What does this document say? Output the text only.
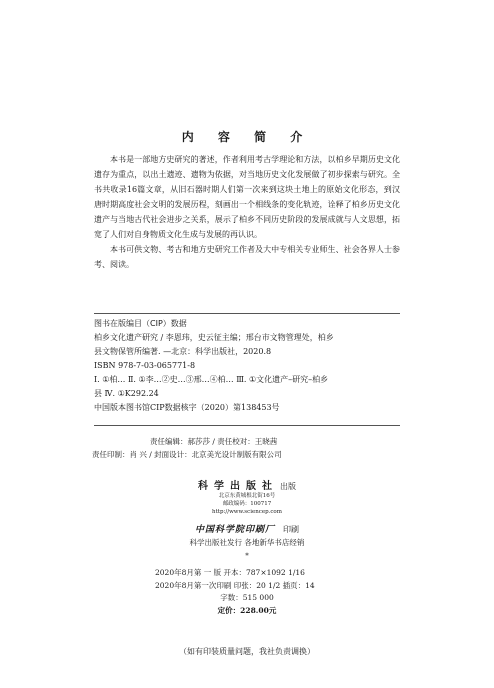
内 容 简 介

本书是一部地方史研究的著述，作者利用考古学理论和方法，以柏乡早期历史文化遗存为重点，以出土遗迹、遗物为依据，对当地历史文化发展做了初步探索与研究。全书共收录16篇文章，从旧石器时期人们第一次来到这块土地上的原始文化形态，到汉唐时期高度社会文明的发展历程，刻画出一个相线条的变化轨迹，诠释了柏乡历史文化遗产与当地古代社会进步之关系，展示了柏乡不同历史阶段的发展成就与人文思想，拓宽了人们对自身物质文化生成与发展的再认识。

本书可供文物、考古和地方史研究工作者及大中专相关专业师生、社会各界人士参考、阅读。

图书在版编目（CIP）数据
柏乡文化遗产研究 / 李恩玮，史云征主编；邢台市文物管理处，柏乡
县文物保管所编著. —北京：科学出版社，2020.8
ISBN 978-7-03-065771-8
Ⅰ. ①柏… Ⅱ. ①李…②史…③邢…④柏… Ⅲ. ①文化遗产–研究–柏乡
县 Ⅳ. ①K292.24
中国版本图书馆CIP数据核字（2020）第138453号
责任编辑：郝莎莎 / 责任校对：王晓茜
责任印制：肖 兴 / 封面设计：北京美光设计制版有限公司
科学出版社 出版
北京东黄城根北街16号
邮政编码：100717
http://www.sciencep.com
中国科学院印刷厂 印刷
科学出版社发行 各地新华书店经销
*
2020年8月第 一 版 开本：787×1092 1/16
2020年8月第一次印刷 印张：20 1/2 插页：14
字数：515 000
定价：228.00元
（如有印装质量问题，我社负责调换）
